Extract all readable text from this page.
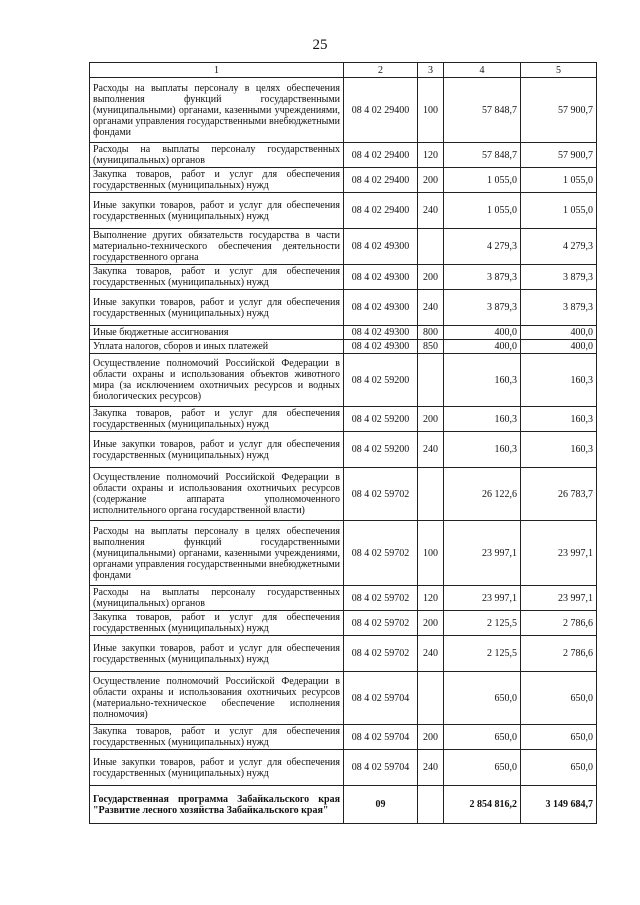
25
1	2	3	4	5
Расходы на выплаты персоналу в целях обеспечения выполнения функций государственными (муниципальными) органами, казенными учреждениями, органами управления государственными внебюджетными фондами	08 4 02 29400	100	57 848,7	57 900,7
Расходы на выплаты персоналу государственных (муниципальных) органов	08 4 02 29400	120	57 848,7	57 900,7
Закупка товаров, работ и услуг для обеспечения государственных (муниципальных) нужд	08 4 02 29400	200	1 055,0	1 055,0
Иные закупки товаров, работ и услуг для обеспечения государственных (муниципальных) нужд	08 4 02 29400	240	1 055,0	1 055,0
Выполнение других обязательств государства в части материально-технического обеспечения деятельности государственного органа	08 4 02 49300		4 279,3	4 279,3
Закупка товаров, работ и услуг для обеспечения государственных (муниципальных) нужд	08 4 02 49300	200	3 879,3	3 879,3
Иные закупки товаров, работ и услуг для обеспечения государственных (муниципальных) нужд	08 4 02 49300	240	3 879,3	3 879,3
Иные бюджетные ассигнования	08 4 02 49300	800	400,0	400,0
Уплата налогов, сборов и иных платежей	08 4 02 49300	850	400,0	400,0
Осуществление полномочий Российской Федерации в области охраны и использования объектов животного мира (за исключением охотничьих ресурсов и водных биологических ресурсов)	08 4 02 59200		160,3	160,3
Закупка товаров, работ и услуг для обеспечения государственных (муниципальных) нужд	08 4 02 59200	200	160,3	160,3
Иные закупки товаров, работ и услуг для обеспечения государственных (муниципальных) нужд	08 4 02 59200	240	160,3	160,3
Осуществление полномочий Российской Федерации в области охраны и использования охотничьих ресурсов (содержание аппарата уполномоченного исполнительного органа государственной власти)	08 4 02 59702		26 122,6	26 783,7
Расходы на выплаты персоналу в целях обеспечения выполнения функций государственными (муниципальными) органами, казенными учреждениями, органами управления государственными внебюджетными фондами	08 4 02 59702	100	23 997,1	23 997,1
Расходы на выплаты персоналу государственных (муниципальных) органов	08 4 02 59702	120	23 997,1	23 997,1
Закупка товаров, работ и услуг для обеспечения государственных (муниципальных) нужд	08 4 02 59702	200	2 125,5	2 786,6
Иные закупки товаров, работ и услуг для обеспечения государственных (муниципальных) нужд	08 4 02 59702	240	2 125,5	2 786,6
Осуществление полномочий Российской Федерации в области охраны и использования охотничьих ресурсов (материально-техническое обеспечение исполнения полномочия)	08 4 02 59704		650,0	650,0
Закупка товаров, работ и услуг для обеспечения государственных (муниципальных) нужд	08 4 02 59704	200	650,0	650,0
Иные закупки товаров, работ и услуг для обеспечения государственных (муниципальных) нужд	08 4 02 59704	240	650,0	650,0
Государственная программа Забайкальского края "Развитие лесного хозяйства Забайкальского края"	09		2 854 816,2	3 149 684,7
